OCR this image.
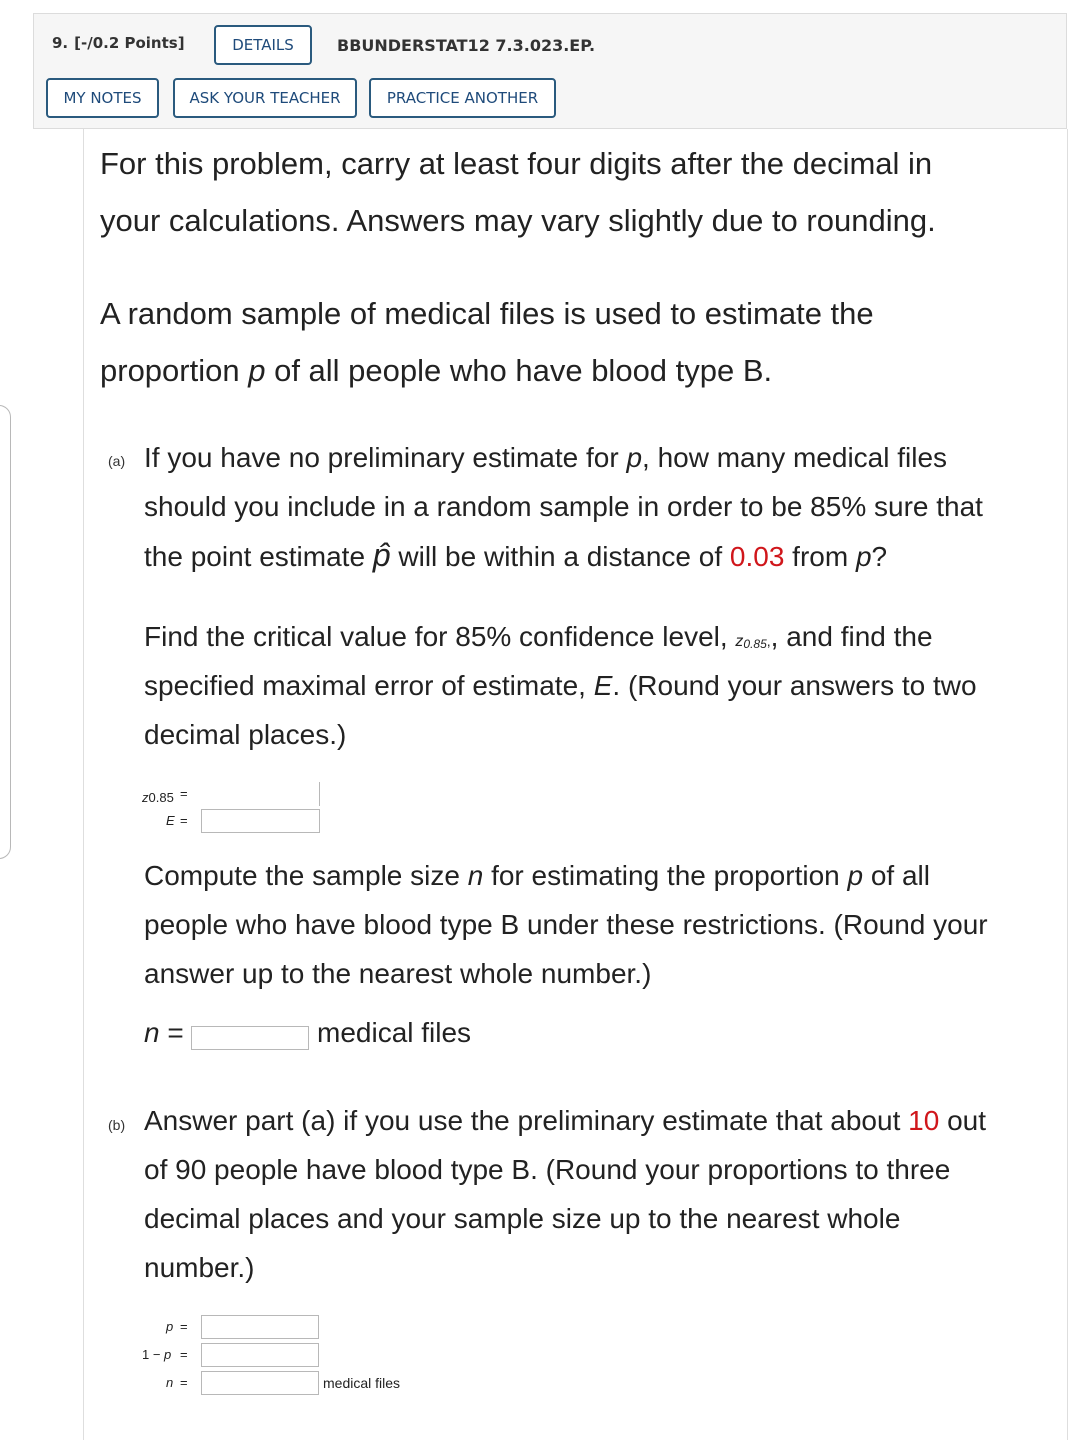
9. [-/0.2 Points]	DETAILS	BBUNDERSTAT12 7.3.023.EP.
MY NOTES	ASK YOUR TEACHER	PRACTICE ANOTHER

For this problem, carry at least four digits after the decimal in

your calculations. Answers may vary slightly due to rounding.

A random sample of medical files is used to estimate the

proportion p of all people who have blood type B.

(a) If you have no preliminary estimate for p, how many medical files

should you include in a random sample in order to be 85% sure that

the point estimate p̂ will be within a distance of 0.03 from p?

Find the critical value for 85% confidence level, z0.85,, and find the

specified maximal error of estimate, E. (Round your answers to two

decimal places.)

z0.85 =
E =

Compute the sample size n for estimating the proportion p of all

people who have blood type B under these restrictions. (Round your

answer up to the nearest whole number.)

n =	medical files

(b) Answer part (a) if you use the preliminary estimate that about 10 out

of 90 people have blood type B. (Round your proportions to three

decimal places and your sample size up to the nearest whole

number.)

p =
1 − p =
n =	medical files
